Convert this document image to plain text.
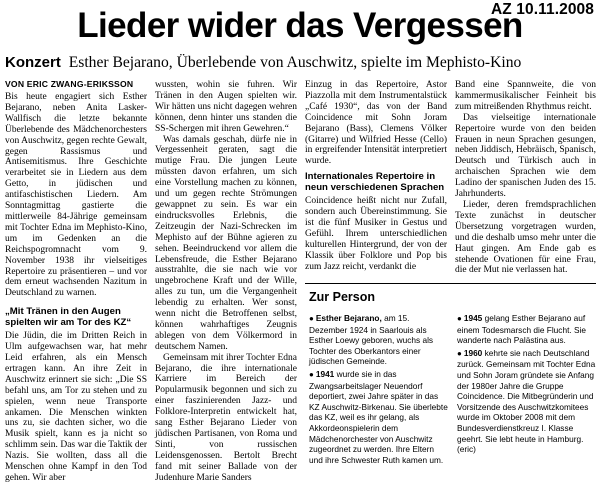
AZ 10.11.2008
Lieder wider das Vergessen
Konzert Esther Bejarano, Überlebende von Auschwitz, spielte im Mephisto-Kino
VON ERIC ZWANG-ERIKSSON

Bis heute engagiert sich Esther Bejarano, neben Anita Lasker-Wallfisch die letzte bekannte Überlebende des Mädchenorchesters von Auschwitz, gegen rechte Gewalt, gegen Rassismus und Antisemitismus. Ihre Geschichte verarbeitet sie in Liedern aus dem Getto, in jüdischen und antifaschistischen Liedern. Am Sonntagmittag gastierte die mittlerweile 84-Jährige gemeinsam mit Tochter Edna im Mephisto-Kino, um im Gedenken an die Reichspogromnacht vom 9. November 1938 ihr vielseitiges Repertoire zu präsentieren – und vor dem erneut wachsenden Nazitum in Deutschland zu warnen.

„Mit Tränen in den Augen spielten wir am Tor des KZ“

Die Jüdin, die im Dritten Reich in Ulm aufgewachsen war, hat mehr Leid erfahren, als ein Mensch ertragen kann. An ihre Zeit in Auschwitz erinnert sie sich: „Die SS befahl uns, am Tor zu stehen und zu spielen, wenn neue Transporte ankamen. Die Menschen winkten uns zu, sie dachten sicher, wo die Musik spielt, kann es ja nicht so schlimm sein. Das war die Taktik der Nazis. Sie wollten, dass all die Menschen ohne Kampf in den Tod gehen. Wir aber

wussten, wohin sie fuhren. Wir Tränen in den Augen spielten wir. Wir hätten uns nicht dagegen wehren können, denn hinter uns standen die SS-Schergen mit ihren Gewehren.“

Was damals geschah, dürfe nie in Vergessenheit geraten, sagt die mutige Frau. Die jungen Leute müssten davon erfahren, um sich eine Vorstellung machen zu können, und um gegen rechte Strömungen gewappnet zu sein. Es war ein eindrucksvolles Erlebnis, die Zeitzeugin der Nazi-Schrecken im Mephisto auf der Bühne agieren zu sehen. Beeindruckend vor allem die Lebensfreude, die Esther Bejarano ausstrahlte, die sie nach wie vor ungebrochene Kraft und der Wille, alles zu tun, um die Vergangenheit lebendig zu erhalten. Wer sonst, wenn nicht die Betroffenen selbst, können wahrhaftiges Zeugnis ablegen von dem Völkermord in deutschem Namen.

Gemeinsam mit ihrer Tochter Edna Bejarano, die ihre internationale Karriere im Bereich der Popularmusik begonnen und sich zu einer faszinierenden Jazz- und Folklore-Interpretin entwickelt hat, sang Esther Bejarano Lieder von jüdischen Partisanen, von Roma und Sinti, von russischen Leidensgenossen. Bertolt Brecht fand mit seiner Ballade von der Judenhure Marie Sanders

Einzug in das Repertoire, Astor Piazzolla mit dem Instrumentalstück „Café 1930“, das von der Band Coincidence mit Sohn Joram Bejarano (Bass), Clemens Völker (Gitarre) und Wilfried Hesse (Cello) in ergreifender Intensität interpretiert wurde.

Internationales Repertoire in neun verschiedenen Sprachen

Coincidence heißt nicht nur Zufall, sondern auch Übereinstimmung. Sie ist die fünf Musiker in Gestus und Gefühl. Ihrem unterschiedlichen kulturellen Hintergrund, der von der Klassik über Folklore und Pop bis zum Jazz reicht, verdankt die

Band eine Spannweite, die von kammermusikalischer Feinheit bis zum mitreißenden Rhythmus reicht.

Das vielseitige internationale Repertoire wurde von den beiden Frauen in neun Sprachen gesungen, neben Jiddisch, Hebräisch, Spanisch, Deutsch und Türkisch auch in archaischen Sprachen wie dem Ladino der spanischen Juden des 15. Jahrhunderts.

Lieder, deren fremdsprachlichen Texte zunächst in deutscher Übersetzung vorgetragen wurden, und die deshalb umso mehr unter die Haut gingen. Am Ende gab es stehende Ovationen für eine Frau, die der Mut nie verlassen hat.

Zur Person

● Esther Bejarano, am 15. Dezember 1924 in Saarlouis als Esther Loewy geboren, wuchs als Tochter des Oberkantors einer jüdischen Gemeinde.

● 1941 wurde sie in das Zwangsarbeitslager Neuendorf deportiert, zwei Jahre später in das KZ Auschwitz-Birkenau. Sie überlebte das KZ, weil es ihr gelang, als Akkordeonspielerin dem Mädchenorchester von Auschwitz zugeordnet zu werden. Ihre Eltern und ihre Schwester Ruth kamen um.

● 1945 gelang Esther Bejarano auf einem Todesmarsch die Flucht. Sie wanderte nach Palästina aus.

● 1960 kehrte sie nach Deutschland zurück. Gemeinsam mit Tochter Edna und Sohn Joram gründete sie Anfang der 1980er Jahre die Gruppe Coincidence. Die Mitbegründerin und Vorsitzende des Auschwitzkomitees wurde im Oktober 2008 mit dem Bundesverdienstkreuz I. Klasse geehrt. Sie lebt heute in Hamburg. (eric)
